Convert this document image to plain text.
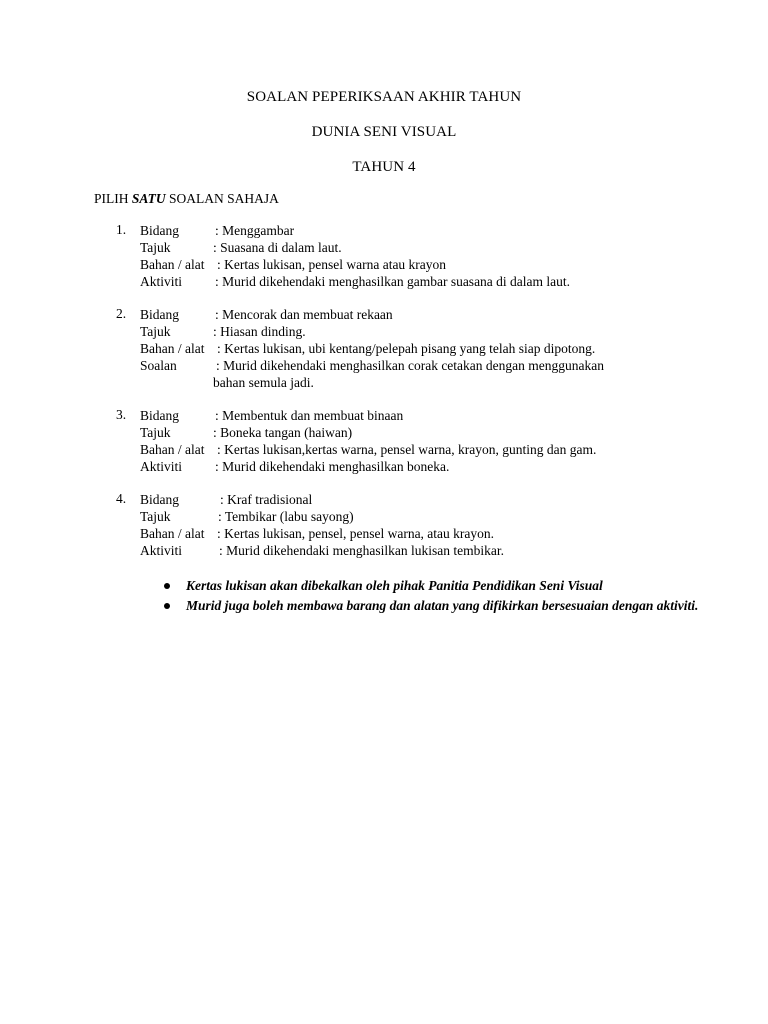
SOALAN PEPERIKSAAN AKHIR TAHUN
DUNIA SENI VISUAL
TAHUN 4
PILIH SATU SOALAN SAHAJA
1. Bidang	: Menggambar
Tajuk	: Suasana di dalam laut.
Bahan / alat : Kertas lukisan, pensel warna atau krayon
Aktiviti : Murid dikehendaki menghasilkan gambar suasana di dalam laut.
2. Bidang	: Mencorak dan membuat rekaan
Tajuk	: Hiasan dinding.
Bahan / alat : Kertas lukisan, ubi kentang/pelepah pisang yang telah siap dipotong.
Soalan	: Murid dikehendaki menghasilkan corak cetakan dengan menggunakan
bahan semula jadi.
3. Bidang	: Membentuk dan membuat binaan
Tajuk	: Boneka tangan (haiwan)
Bahan / alat : Kertas lukisan,kertas warna, pensel warna, krayon, gunting dan gam.
Aktiviti : Murid dikehendaki menghasilkan boneka.
4. Bidang	: Kraf tradisional
Tajuk	: Tembikar (labu sayong)
Bahan / alat : Kertas lukisan, pensel, pensel warna, atau krayon.
Aktiviti	: Murid dikehendaki menghasilkan lukisan tembikar.
Kertas lukisan akan dibekalkan oleh pihak Panitia Pendidikan Seni Visual
Murid juga boleh membawa barang dan alatan yang difikirkan bersesuaian dengan aktiviti.
